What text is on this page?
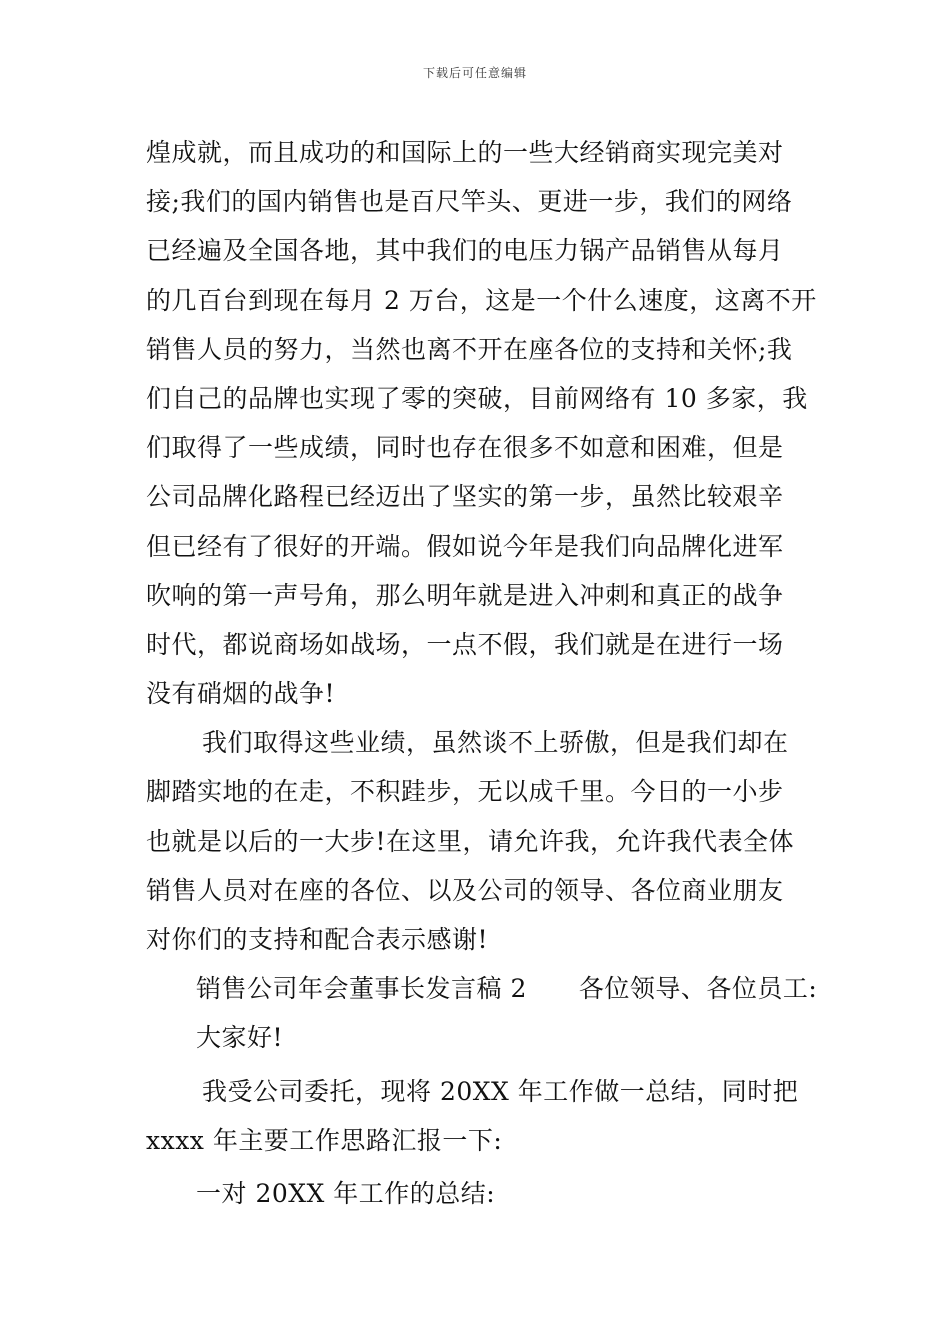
下载后可任意编辑
煌成就，而且成功的和国际上的一些大经销商实现完美对
接;我们的国内销售也是百尺竿头、更进一步，我们的网络
已经遍及全国各地，其中我们的电压力锅产品销售从每月
的几百台到现在每月 2 万台，这是一个什么速度，这离不开
销售人员的努力，当然也离不开在座各位的支持和关怀;我
们自己的品牌也实现了零的突破，目前网络有 10 多家，我
们取得了一些成绩，同时也存在很多不如意和困难，但是
公司品牌化路程已经迈出了坚实的第一步，虽然比较艰辛
但已经有了很好的开端。假如说今年是我们向品牌化进军
吹响的第一声号角，那么明年就是进入冲刺和真正的战争
时代，都说商场如战场，一点不假，我们就是在进行一场
没有硝烟的战争!
我们取得这些业绩，虽然谈不上骄傲，但是我们却在
脚踏实地的在走，不积跬步，无以成千里。今日的一小步
也就是以后的一大步!在这里，请允许我，允许我代表全体
销售人员对在座的各位、以及公司的领导、各位商业朋友
对你们的支持和配合表示感谢!
销售公司年会董事长发言稿 2 各位领导、各位员工:
大家好!
我受公司委托，现将 20XX 年工作做一总结，同时把
xxxx 年主要工作思路汇报一下:
一对 20XX 年工作的总结:
